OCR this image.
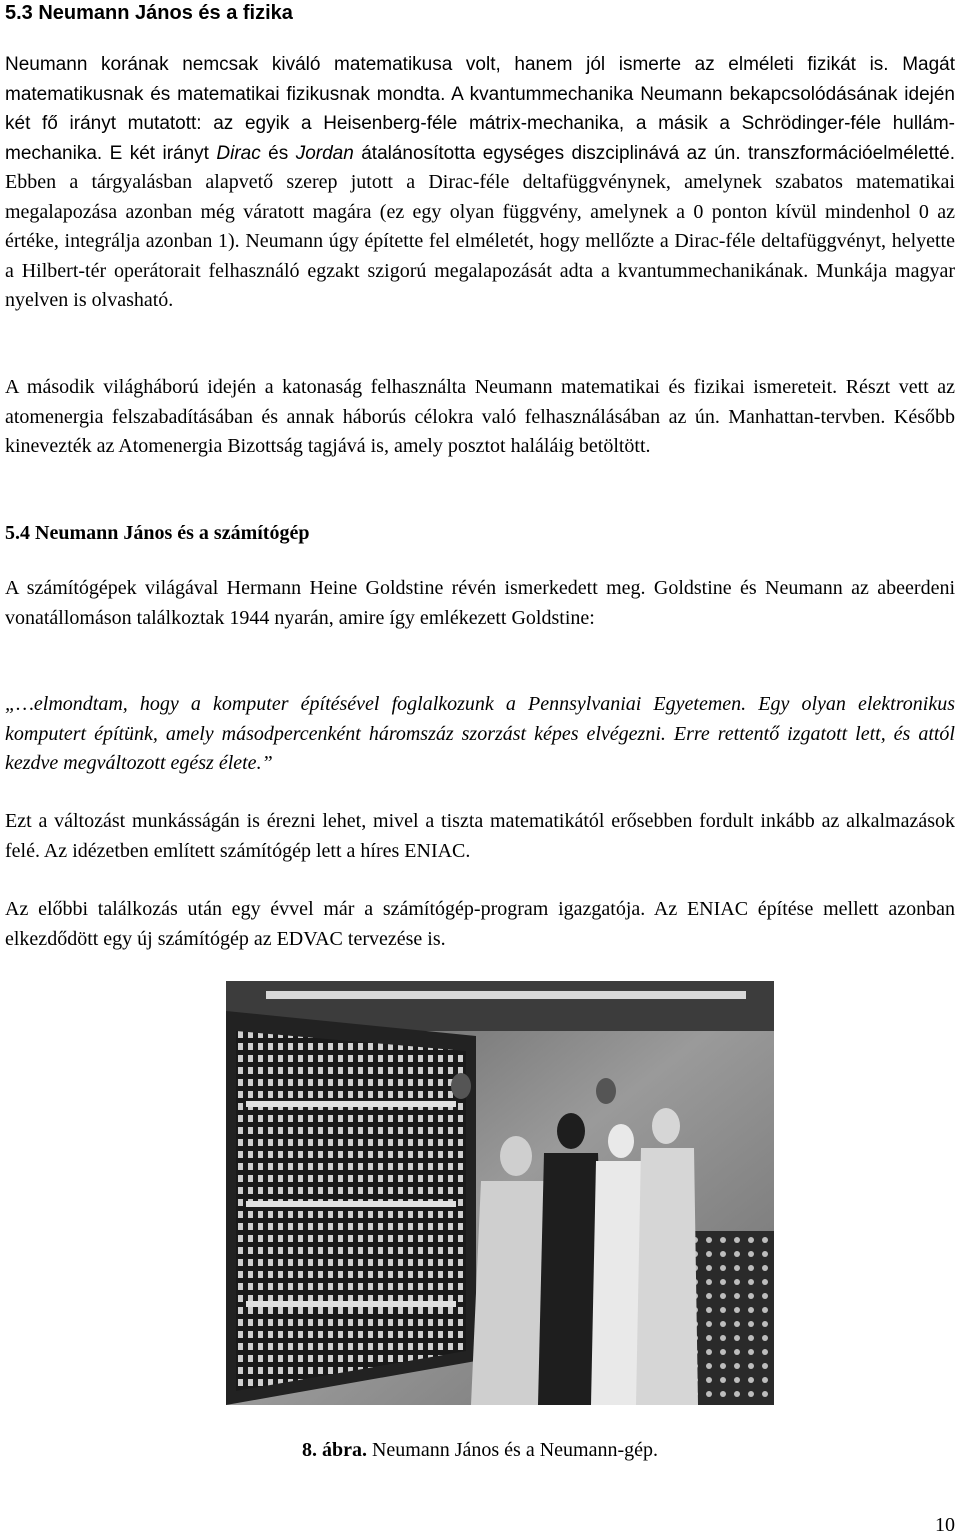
5.3 Neumann János és a fizika

Neumann korának nemcsak kiváló matematikusa volt, hanem jól ismerte az elméleti fizikát is. Magát matematikusnak és matematikai fizikusnak mondta. A kvantummechanika Neumann bekapcsolódásának idején két fő irányt mutatott: az egyik a Heisenberg-féle mátrix-mechanika, a másik a Schrödinger-féle hullám-mechanika. E két irányt Dirac és Jordan átalánosította egységes diszciplinává az ún. transzformációelméletté. Ebben a tárgyalásban alapvető szerep jutott a Dirac-féle deltafüggvénynek, amelynek szabatos matematikai megalapozása azonban még váratott magára (ez egy olyan függvény, amelynek a 0 ponton kívül mindenhol 0 az értéke, integrálja azonban 1). Neumann úgy építette fel elméletét, hogy mellőzte a Dirac-féle deltafüggvényt, helyette a Hilbert-tér operátorait felhasználó egzakt szigorú megalapozását adta a kvantummechanikának. Munkája magyar nyelven is olvasható.

A második világháború idején a katonaság felhasználta Neumann matematikai és fizikai ismereteit. Részt vett az atomenergia felszabadításában és annak háborús célokra való felhasználásában az ún. Manhattan-tervben. Később kinevezték az Atomenergia Bizottság tagjává is, amely posztot haláláig betöltött.

5.4 Neumann János és a számítógép

A számítógépek világával Hermann Heine Goldstine révén ismerkedett meg. Goldstine és Neumann az abeerdeni vonatállomáson találkoztak 1944 nyarán, amire így emlékezett Goldstine:

„…elmondtam, hogy a komputer építésével foglalkozunk a Pennsylvaniai Egyetemen. Egy olyan elektronikus komputert építünk, amely másodpercenként háromszáz szorzást képes elvégezni. Erre rettentő izgatott lett, és attól kezdve megváltozott egész élete.”

Ezt a változást munkásságán is érezni lehet, mivel a tiszta matematikától erősebben fordult inkább az alkalmazások felé. Az idézetben említett számítógép lett a híres ENIAC.

Az előbbi találkozás után egy évvel már a számítógép-program igazgatója. Az ENIAC építése mellett azonban elkezdődött egy új számítógép az EDVAC tervezése is.

8. ábra. Neumann János és a Neumann-gép.
10
